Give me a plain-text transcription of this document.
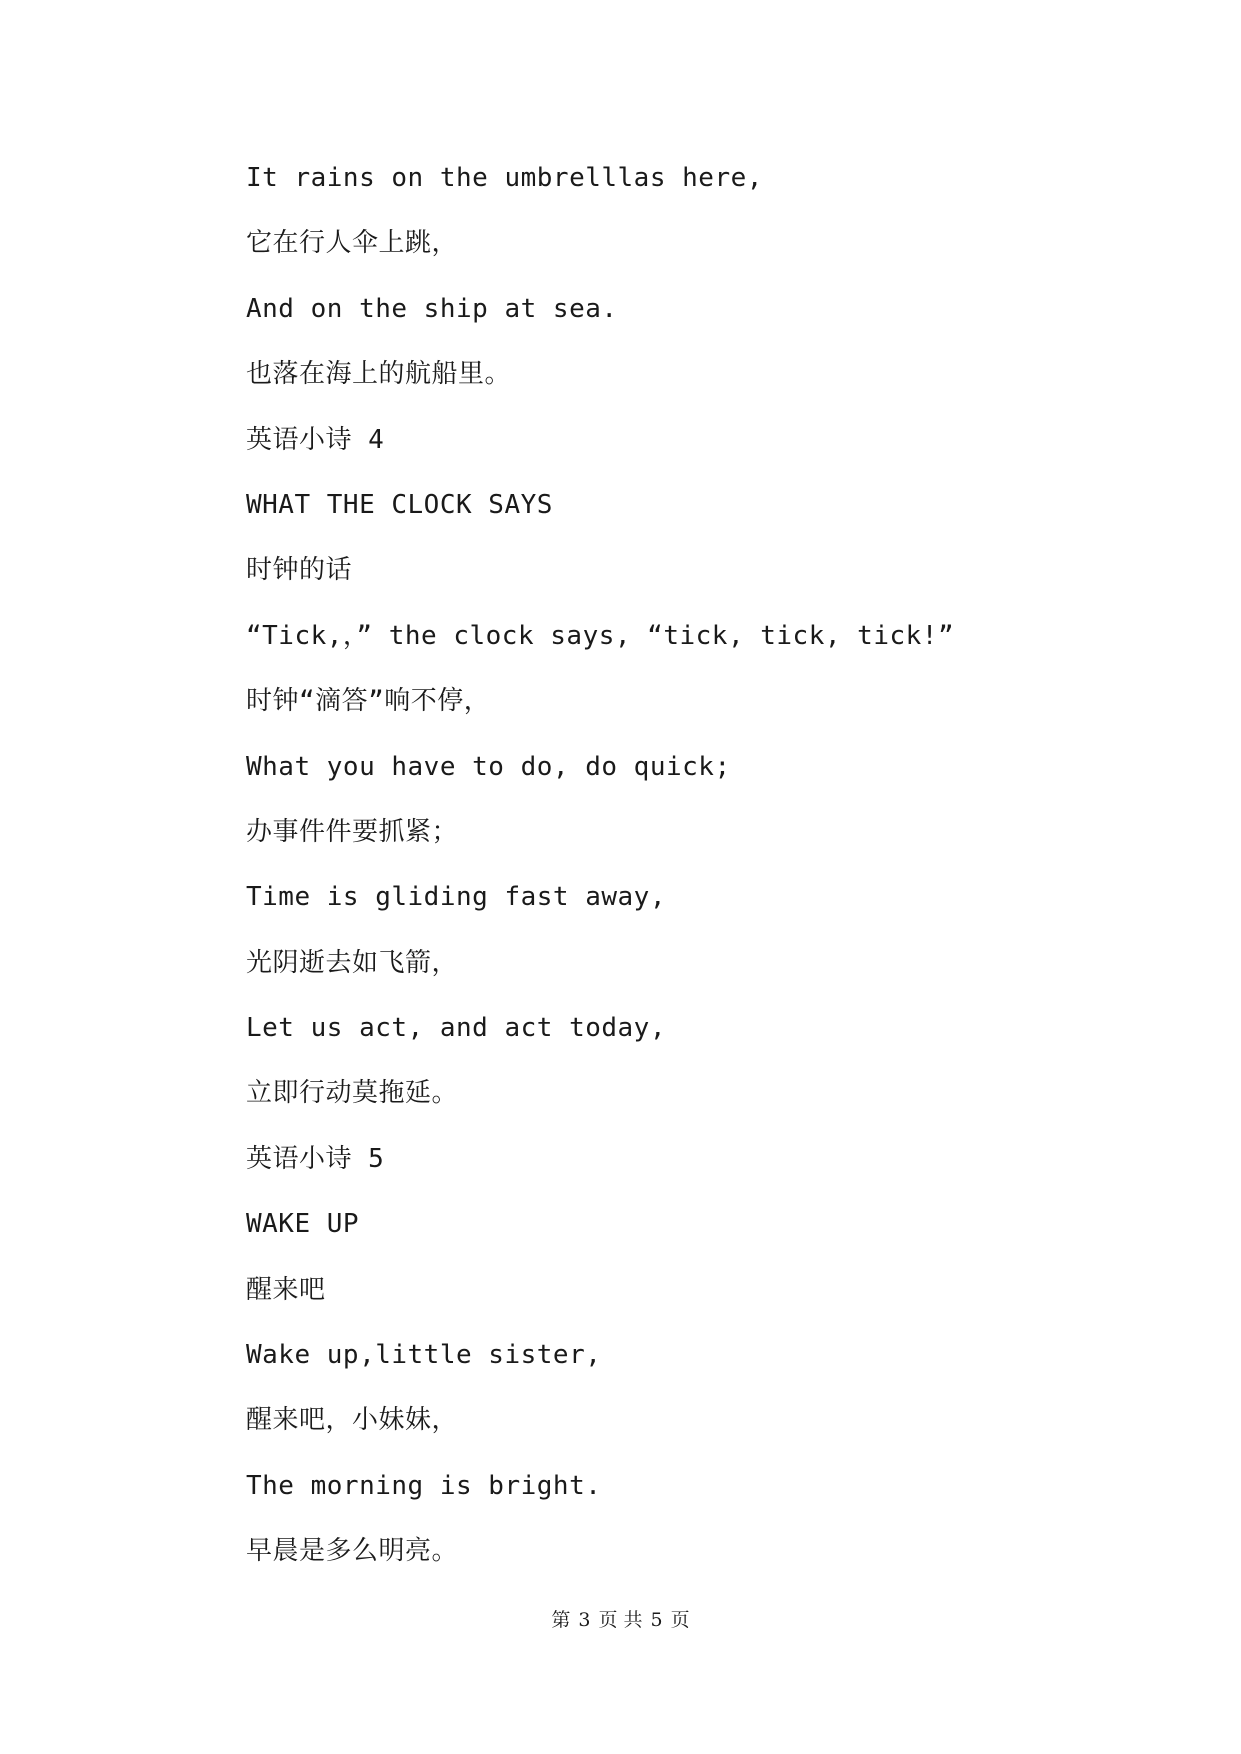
It rains on the umbrelllas here,
它在行人伞上跳，
And on the ship at sea.
也落在海上的航船里。
英语小诗 4
WHAT THE CLOCK SAYS
时钟的话
“Tick,，” the clock says, “tick, tick, tick!”
时钟“滴答”响不停，
What you have to do, do quick;
办事件件要抓紧；
Time is gliding fast away,
光阴逝去如飞箭，
Let us act, and act today,
立即行动莫拖延。
英语小诗 5
WAKE UP
醒来吧
Wake up,little sister,
醒来吧，小妹妹，
The morning is bright.
早晨是多么明亮。
第 3 页 共 5 页
